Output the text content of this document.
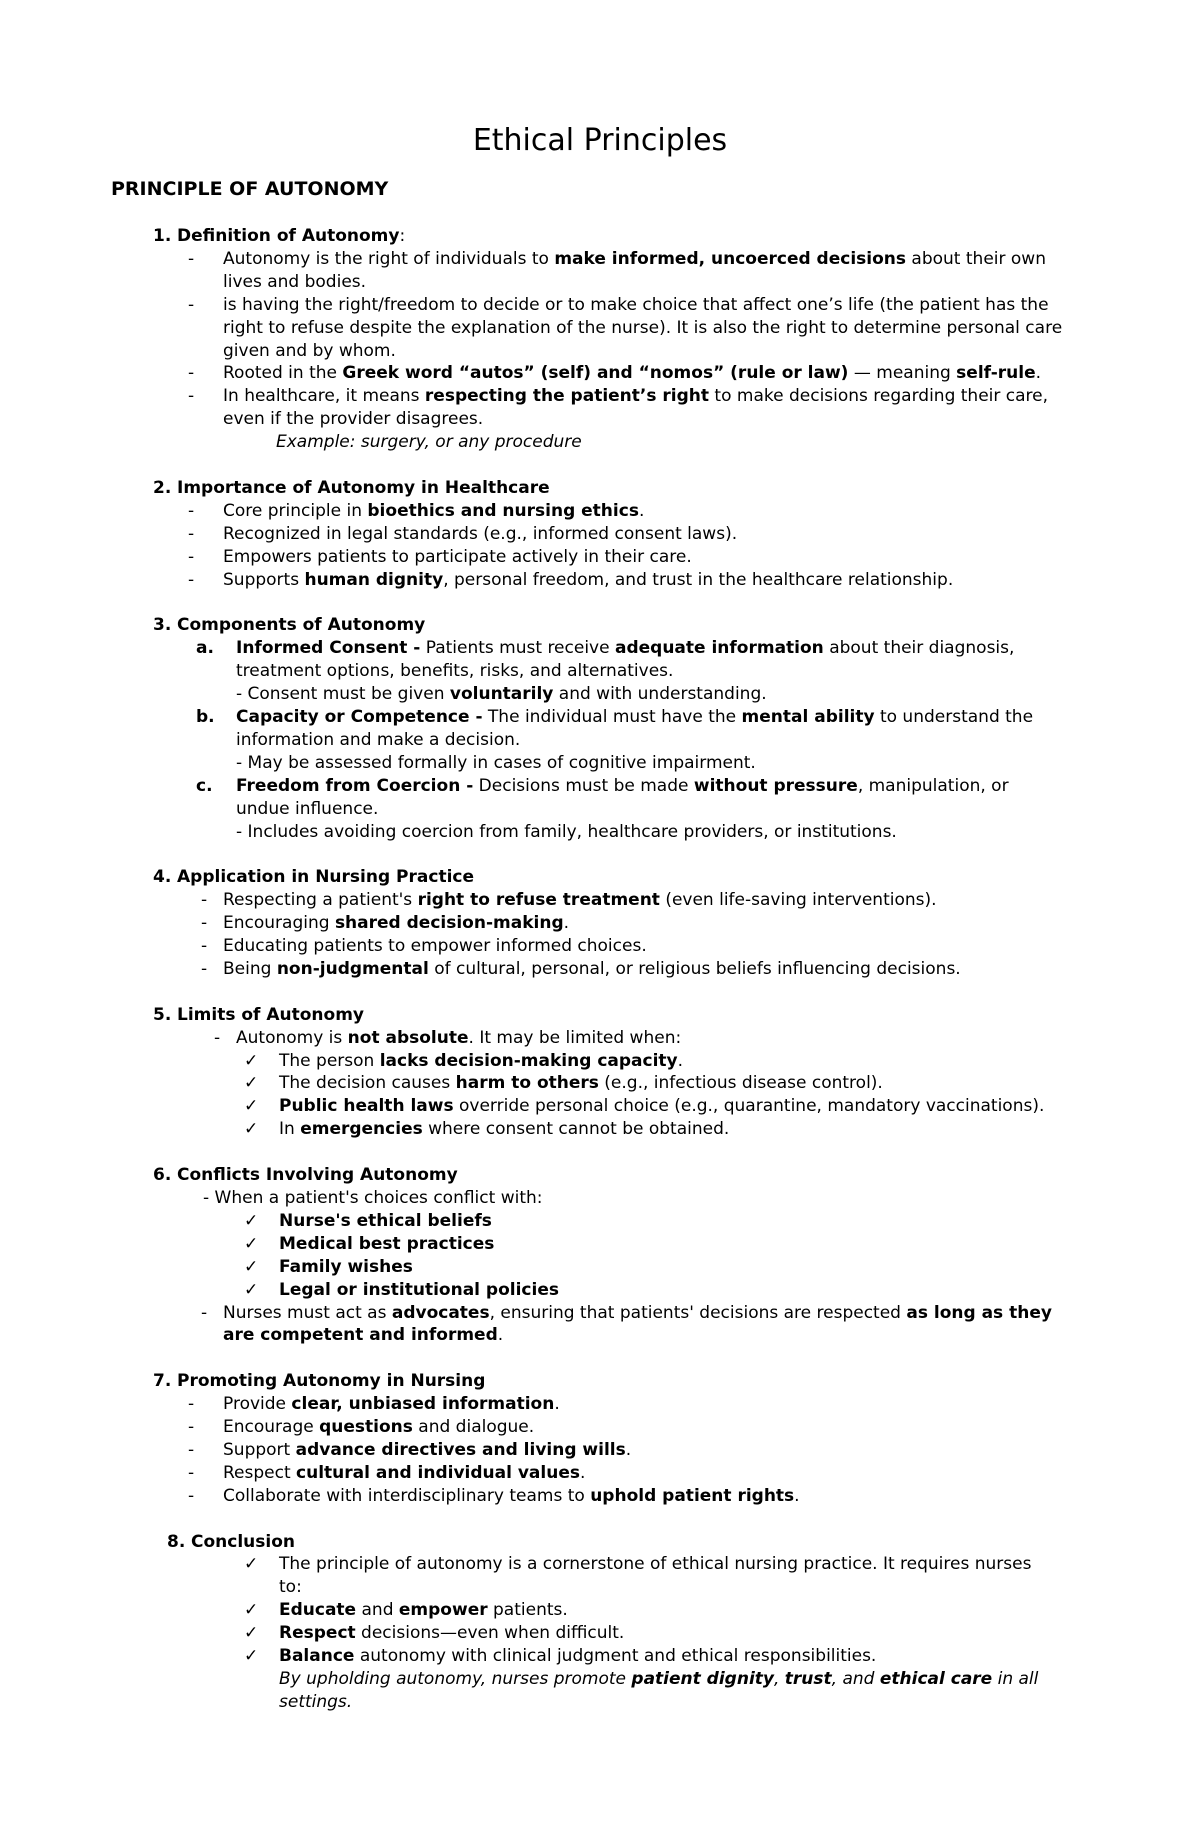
Ethical Principles
PRINCIPLE OF AUTONOMY
1. Definition of Autonomy:
- Autonomy is the right of individuals to make informed, uncoerced decisions about their own lives and bodies.
- is having the right/freedom to decide or to make choice that affect one’s life (the patient has the right to refuse despite the explanation of the nurse). It is also the right to determine personal care given and by whom.
- Rooted in the Greek word “autos” (self) and “nomos” (rule or law) — meaning self-rule.
- In healthcare, it means respecting the patient’s right to make decisions regarding their care, even if the provider disagrees.
Example: surgery, or any procedure
2. Importance of Autonomy in Healthcare
- Core principle in bioethics and nursing ethics.
- Recognized in legal standards (e.g., informed consent laws).
- Empowers patients to participate actively in their care.
- Supports human dignity, personal freedom, and trust in the healthcare relationship.
3. Components of Autonomy
a. Informed Consent - Patients must receive adequate information about their diagnosis, treatment options, benefits, risks, and alternatives.
- Consent must be given voluntarily and with understanding.
b. Capacity or Competence - The individual must have the mental ability to understand the information and make a decision.
- May be assessed formally in cases of cognitive impairment.
c. Freedom from Coercion - Decisions must be made without pressure, manipulation, or undue influence.
- Includes avoiding coercion from family, healthcare providers, or institutions.
4. Application in Nursing Practice
- Respecting a patient's right to refuse treatment (even life-saving interventions).
- Encouraging shared decision-making.
- Educating patients to empower informed choices.
- Being non-judgmental of cultural, personal, or religious beliefs influencing decisions.
5. Limits of Autonomy
- Autonomy is not absolute. It may be limited when:
✓ The person lacks decision-making capacity.
✓ The decision causes harm to others (e.g., infectious disease control).
✓ Public health laws override personal choice (e.g., quarantine, mandatory vaccinations).
✓ In emergencies where consent cannot be obtained.
6. Conflicts Involving Autonomy
- When a patient's choices conflict with:
✓ Nurse's ethical beliefs
✓ Medical best practices
✓ Family wishes
✓ Legal or institutional policies
- Nurses must act as advocates, ensuring that patients' decisions are respected as long as they are competent and informed.
7. Promoting Autonomy in Nursing
- Provide clear, unbiased information.
- Encourage questions and dialogue.
- Support advance directives and living wills.
- Respect cultural and individual values.
- Collaborate with interdisciplinary teams to uphold patient rights.
8. Conclusion
✓ The principle of autonomy is a cornerstone of ethical nursing practice. It requires nurses to:
✓ Educate and empower patients.
✓ Respect decisions—even when difficult.
✓ Balance autonomy with clinical judgment and ethical responsibilities.
By upholding autonomy, nurses promote patient dignity, trust, and ethical care in all settings.
